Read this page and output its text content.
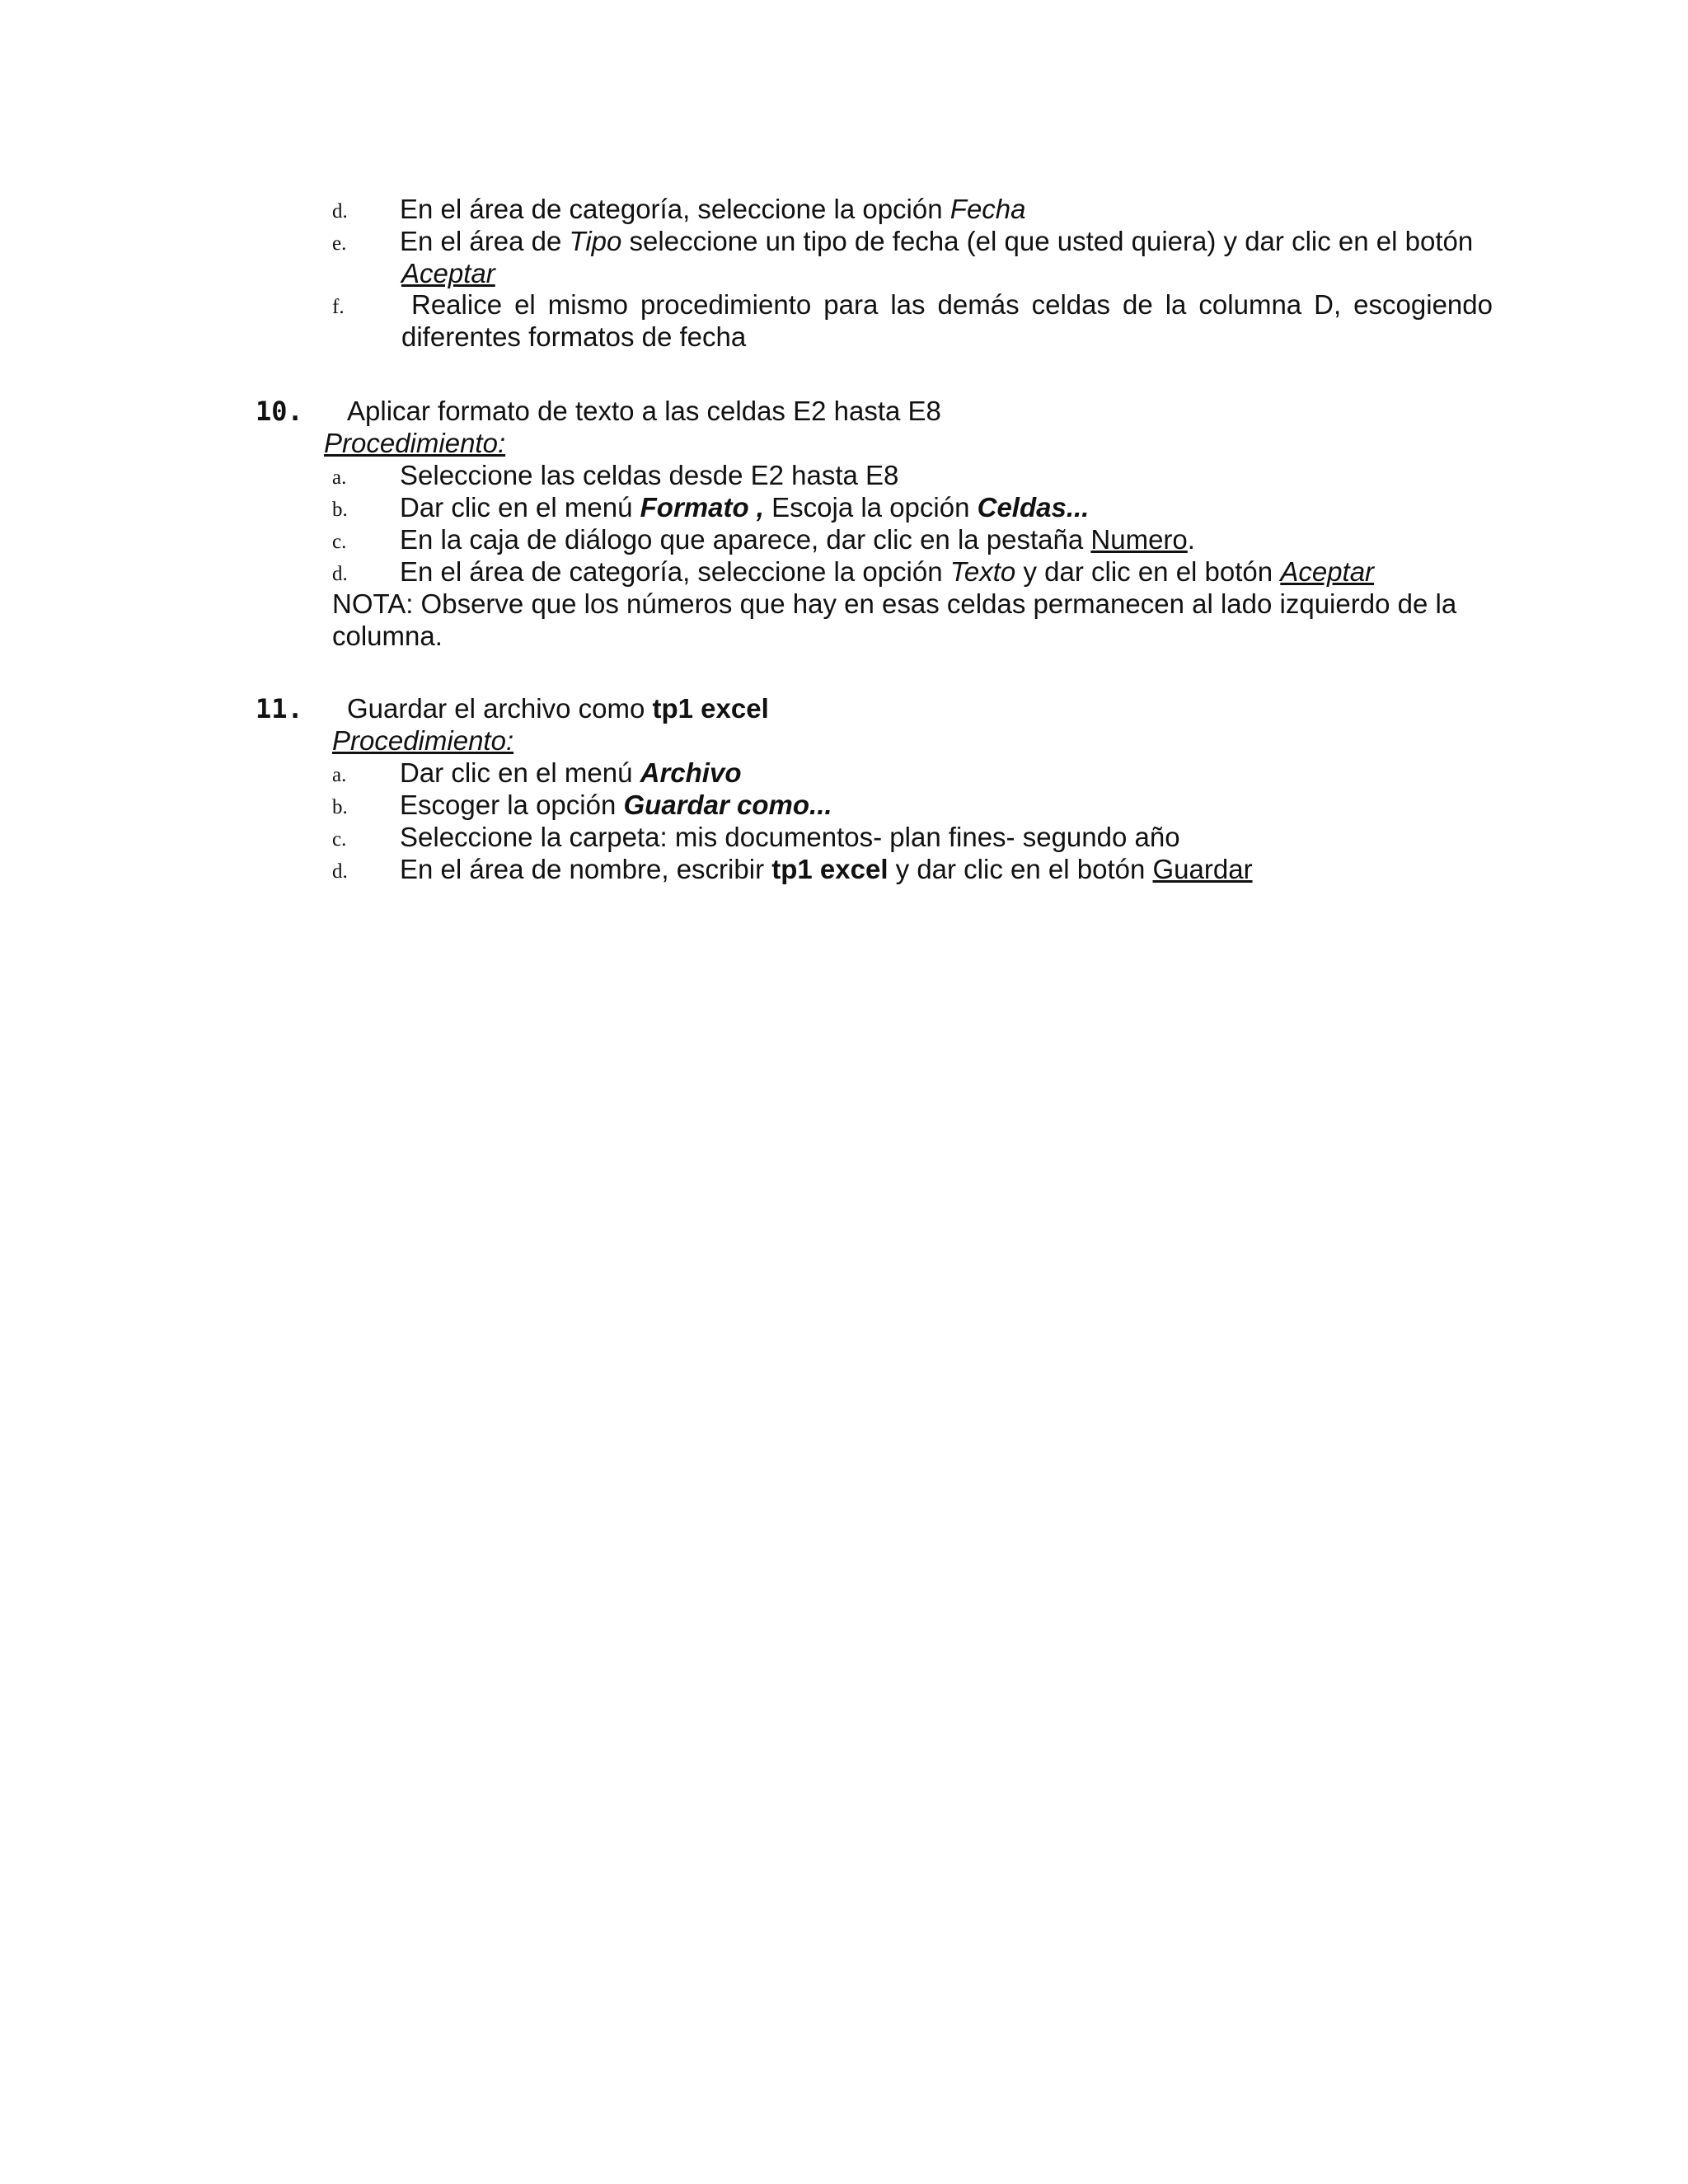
d. En el área de categoría, seleccione la opción Fecha
e. En el área de Tipo seleccione un tipo de fecha (el que usted quiera) y dar clic en el botón
Aceptar
f. Realice el mismo procedimiento para las demás celdas de la columna D, escogiendo
diferentes formatos de fecha
10. Aplicar formato de texto a las celdas E2 hasta E8
Procedimiento:
a. Seleccione las celdas desde E2 hasta E8
b. Dar clic en el menú Formato , Escoja la opción Celdas...
c. En la caja de diálogo que aparece, dar clic en la pestaña Numero.
d. En el área de categoría, seleccione la opción Texto y dar clic en el botón Aceptar
NOTA: Observe que los números que hay en esas celdas permanecen al lado izquierdo de la
columna.
11. Guardar el archivo como tp1 excel
Procedimiento:
a. Dar clic en el menú Archivo
b. Escoger la opción Guardar como...
c. Seleccione la carpeta: mis documentos- plan fines- segundo año
d. En el área de nombre, escribir tp1 excel y dar clic en el botón Guardar
